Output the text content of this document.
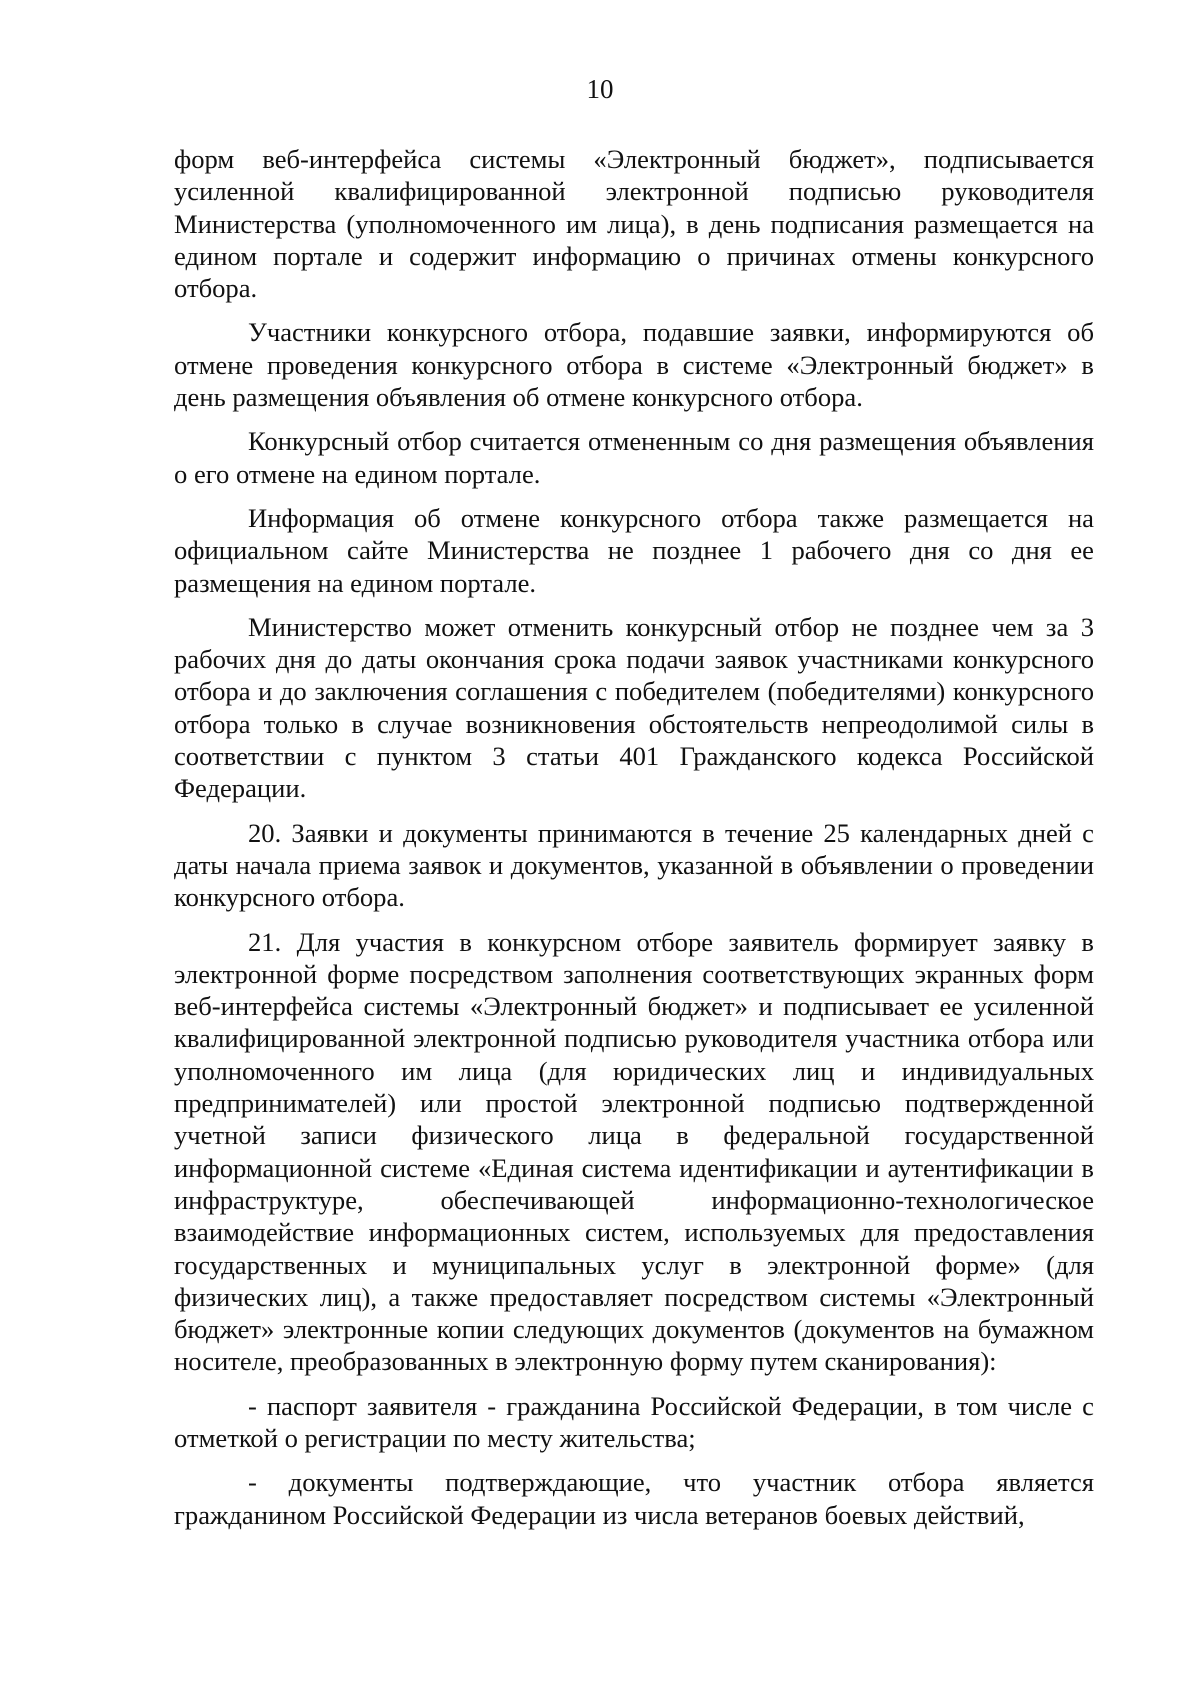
10

форм веб-интерфейса системы «Электронный бюджет», подписывается усиленной квалифицированной электронной подписью руководителя Министерства (уполномоченного им лица), в день подписания размещается на едином портале и содержит информацию о причинах отмены конкурсного отбора.

Участники конкурсного отбора, подавшие заявки, информируются об отмене проведения конкурсного отбора в системе «Электронный бюджет» в день размещения объявления об отмене конкурсного отбора.

Конкурсный отбор считается отмененным со дня размещения объявления о его отмене на едином портале.

Информация об отмене конкурсного отбора также размещается на официальном сайте Министерства не позднее 1 рабочего дня со дня ее размещения на едином портале.

Министерство может отменить конкурсный отбор не позднее чем за 3 рабочих дня до даты окончания срока подачи заявок участниками конкурсного отбора и до заключения соглашения с победителем (победителями) конкурсного отбора только в случае возникновения обстоятельств непреодолимой силы в соответствии с пунктом 3 статьи 401 Гражданского кодекса Российской Федерации.

20. Заявки и документы принимаются в течение 25 календарных дней с даты начала приема заявок и документов, указанной в объявлении о проведении конкурсного отбора.

21. Для участия в конкурсном отборе заявитель формирует заявку в электронной форме посредством заполнения соответствующих экранных форм веб-интерфейса системы «Электронный бюджет» и подписывает ее усиленной квалифицированной электронной подписью руководителя участника отбора или уполномоченного им лица (для юридических лиц и индивидуальных предпринимателей) или простой электронной подписью подтвержденной учетной записи физического лица в федеральной государственной информационной системе «Единая система идентификации и аутентификации в инфраструктуре, обеспечивающей информационно-технологическое взаимодействие информационных систем, используемых для предоставления государственных и муниципальных услуг в электронной форме» (для физических лиц), а также предоставляет посредством системы «Электронный бюджет» электронные копии следующих документов (документов на бумажном носителе, преобразованных в электронную форму путем сканирования):

- паспорт заявителя - гражданина Российской Федерации, в том числе с отметкой о регистрации по месту жительства;

- документы подтверждающие, что участник отбора является гражданином Российской Федерации из числа ветеранов боевых действий,
